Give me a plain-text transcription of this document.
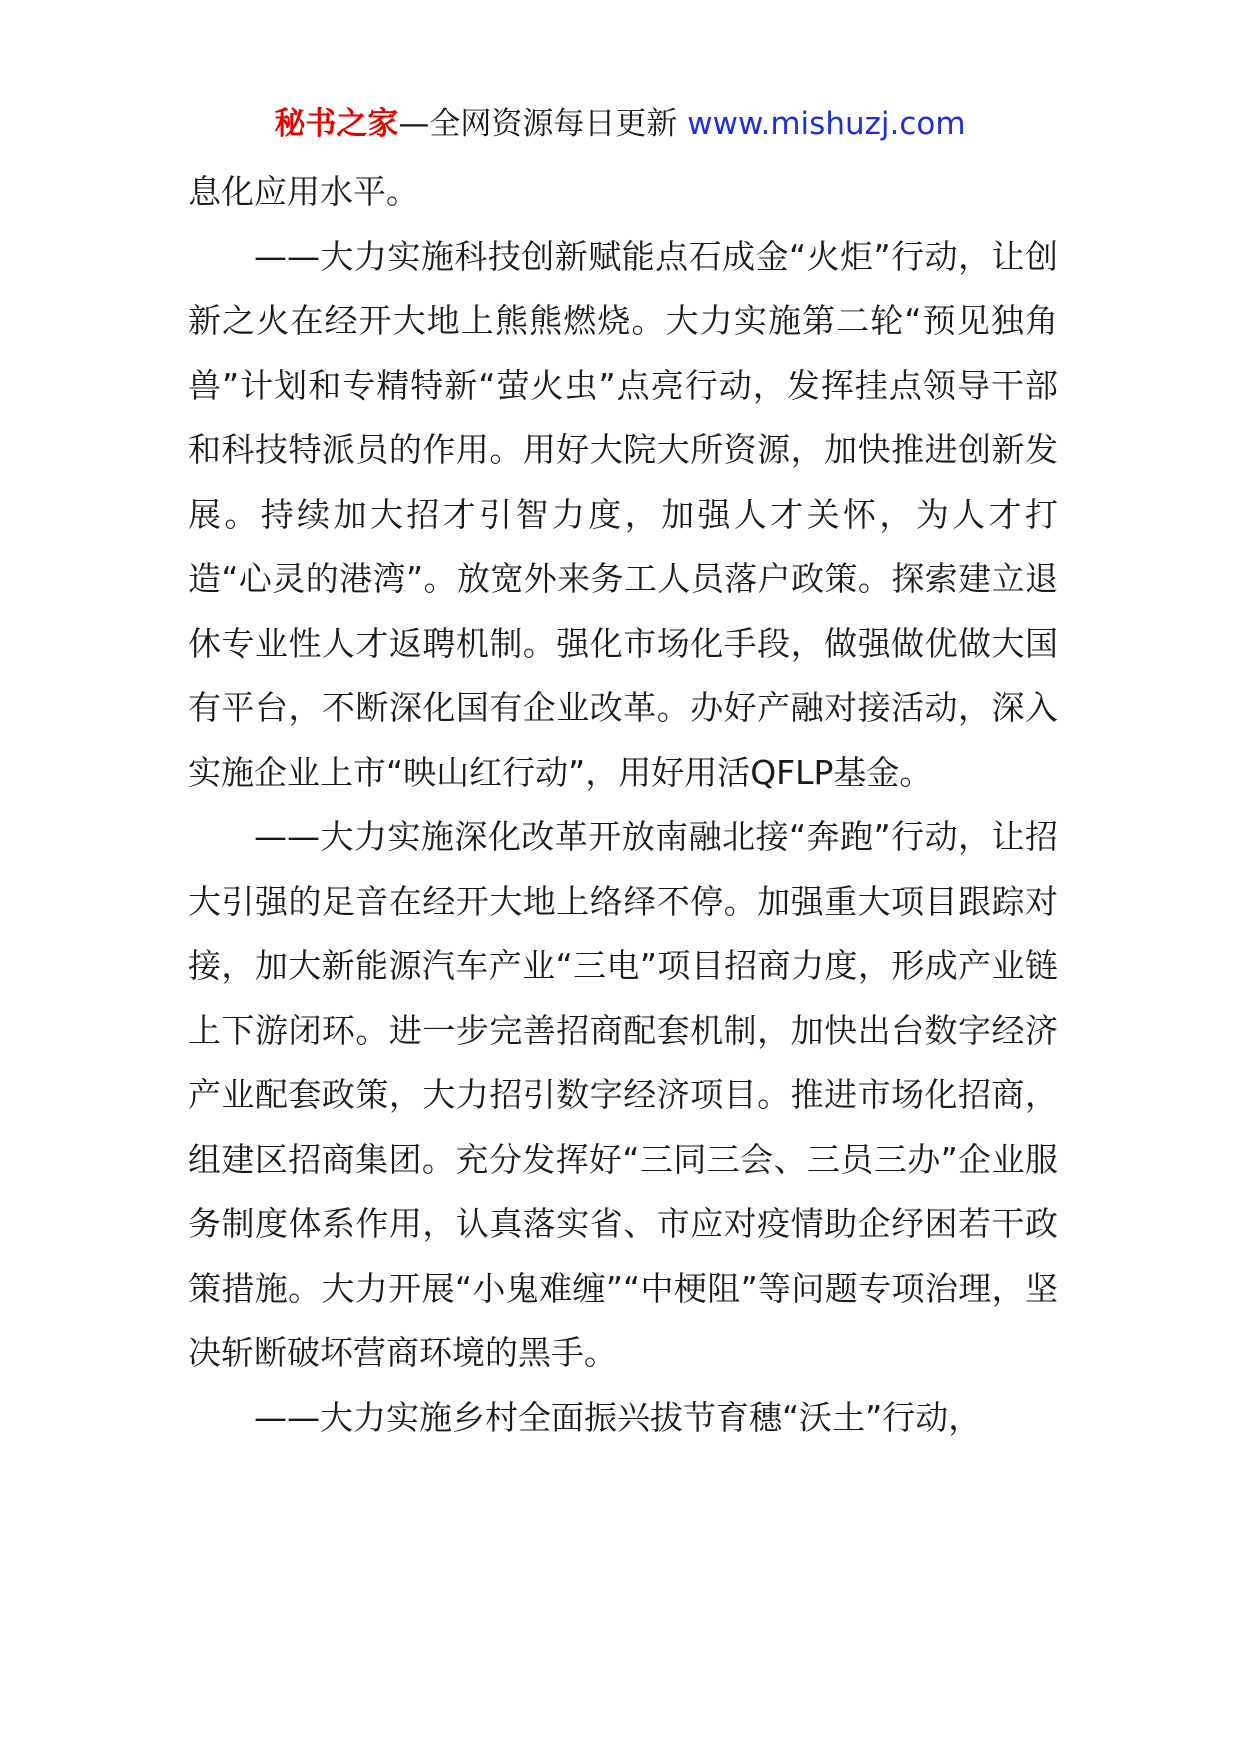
秘书之家—全网资源每日更新 www.mishuzj.com

息化应用水平。

——大力实施科技创新赋能点石成金“火炬”行动，让创新之火在经开大地上熊熊燃烧。大力实施第二轮“预见独角兽”计划和专精特新“萤火虫”点亮行动，发挥挂点领导干部和科技特派员的作用。用好大院大所资源，加快推进创新发展。持续加大招才引智力度，加强人才关怀，为人才打造“心灵的港湾”。放宽外来务工人员落户政策。探索建立退休专业性人才返聘机制。强化市场化手段，做强做优做大国有平台，不断深化国有企业改革。办好产融对接活动，深入实施企业上市“映山红行动”，用好用活QFLP基金。

——大力实施深化改革开放南融北接“奔跑”行动，让招大引强的足音在经开大地上络绎不停。加强重大项目跟踪对接，加大新能源汽车产业“三电”项目招商力度，形成产业链上下游闭环。进一步完善招商配套机制，加快出台数字经济产业配套政策，大力招引数字经济项目。推进市场化招商，组建区招商集团。充分发挥好“三同三会、三员三办”企业服务制度体系作用，认真落实省、市应对疫情助企纾困若干政策措施。大力开展“小鬼难缠”“中梗阻”等问题专项治理，坚决斩断破坏营商环境的黑手。

——大力实施乡村全面振兴拔节育穗“沃土”行动，
